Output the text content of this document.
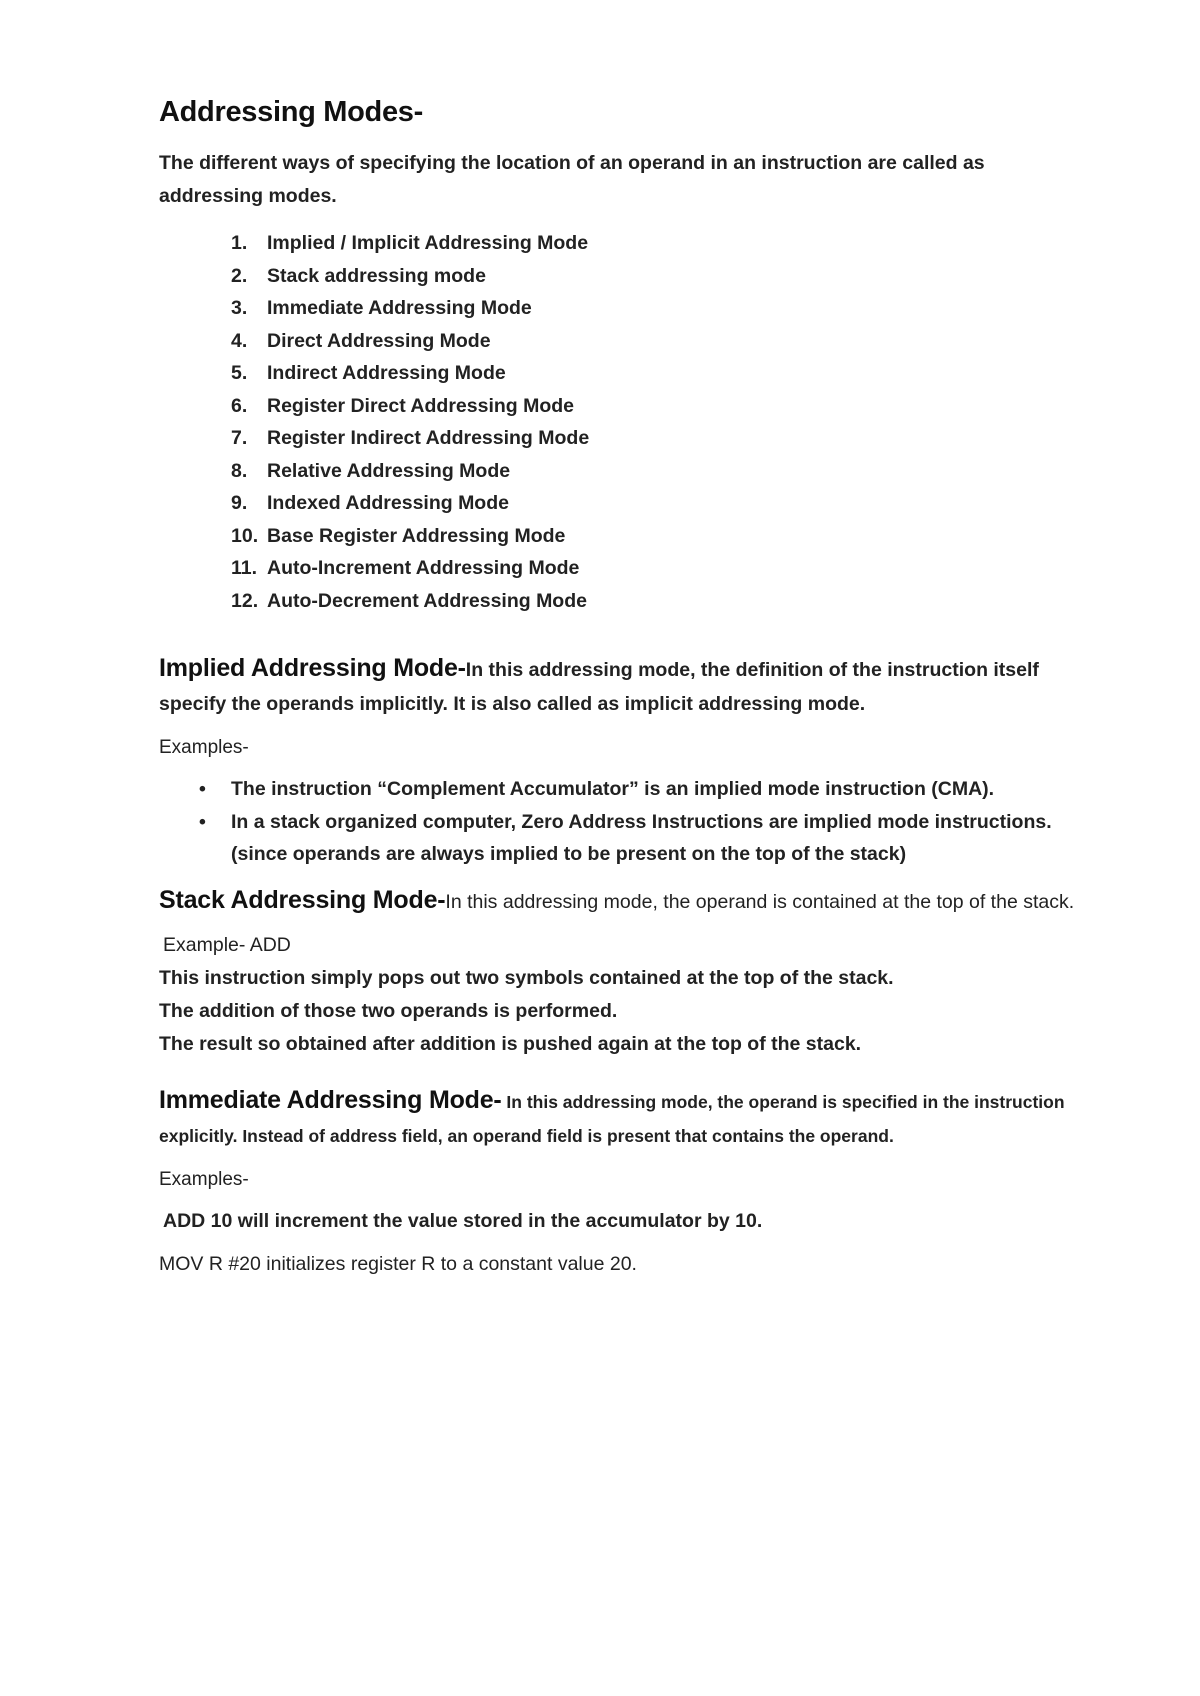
Addressing Modes-

The different ways of specifying the location of an operand in an instruction are called as addressing modes.

1.	Implied / Implicit Addressing Mode
2.	Stack addressing mode
3.	Immediate Addressing Mode
4.	Direct Addressing Mode
5.	Indirect Addressing Mode
6.	Register Direct Addressing Mode
7.	Register Indirect Addressing Mode
8.	Relative Addressing Mode
9.	Indexed Addressing Mode
10. Base Register Addressing Mode
11. Auto-Increment Addressing Mode
12. Auto-Decrement Addressing Mode

Implied Addressing Mode-In this addressing mode, the definition of the instruction itself specify the operands implicitly. It is also called as implicit addressing mode.

Examples-

• The instruction “Complement Accumulator” is an implied mode instruction (CMA).
• In a stack organized computer, Zero Address Instructions are implied mode instructions. (since operands are always implied to be present on the top of the stack)

Stack Addressing Mode-In this addressing mode, the operand is contained at the top of the stack.

Example- ADD

This instruction simply pops out two symbols contained at the top of the stack.

The addition of those two operands is performed.

The result so obtained after addition is pushed again at the top of the stack.

Immediate Addressing Mode- In this addressing mode, the operand is specified in the instruction explicitly. Instead of address field, an operand field is present that contains the operand.

Examples-

ADD 10 will increment the value stored in the accumulator by 10.

MOV R #20 initializes register R to a constant value 20.
